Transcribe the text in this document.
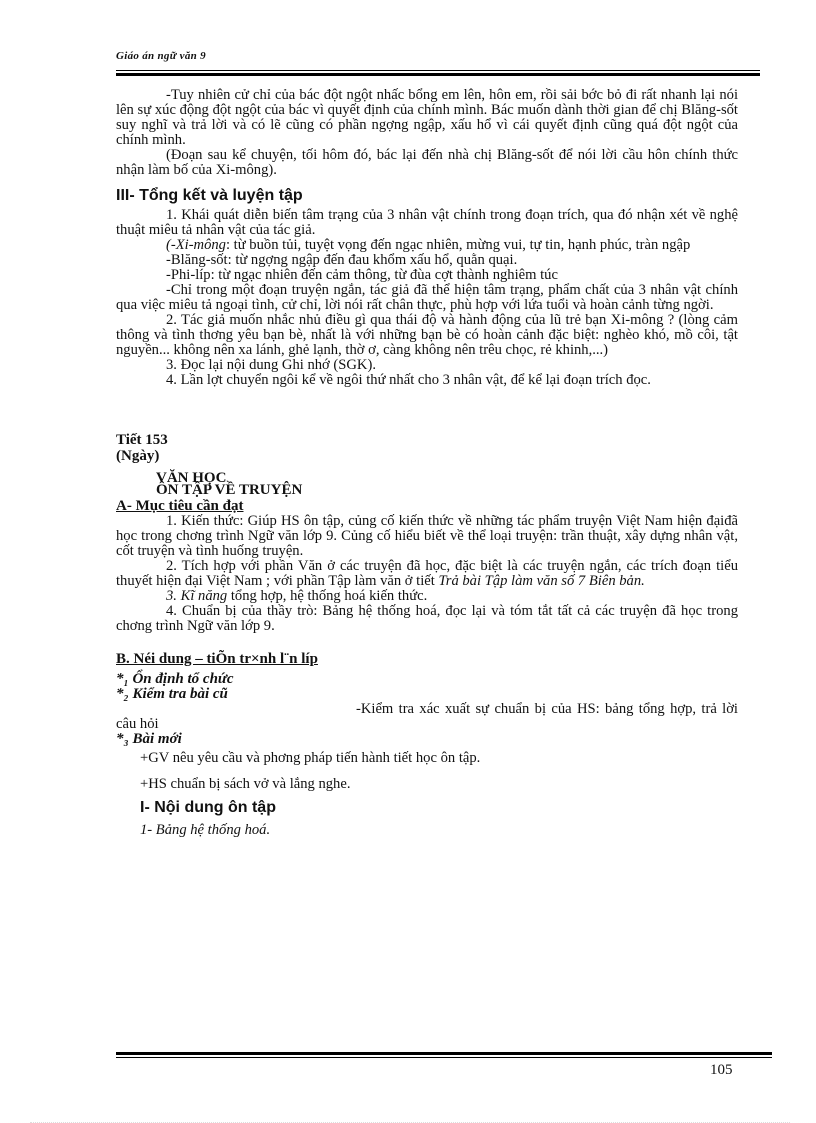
Giáo án ngữ văn 9

-Tuy nhiên cử chỉ của bác đột ngột nhấc bổng em lên, hôn em, rồi sải bớc bỏ đi rất nhanh lại nói lên sự xúc động đột ngột của bác vì quyết định của chính mình. Bác muốn dành thời gian để chị Blăng-sốt suy nghĩ và trả lời và có lẽ cũng có phần ngợng ngập, xấu hổ vì cái quyết định cũng quá đột ngột của chính mình.

(Đoạn sau kể chuyện, tối hôm đó, bác lại đến nhà chị Blăng-sốt để nói lời cầu hôn chính thức nhận làm bố của Xi-mông).

III- Tổng kết và luyện tập

1. Khái quát diễn biến tâm trạng của 3 nhân vật chính trong đoạn trích, qua đó nhận xét về nghệ thuật miêu tả nhân vật của tác giả.

(-Xi-mông: từ buồn tủi, tuyệt vọng đến ngạc nhiên, mừng vui, tự tin, hạnh phúc, tràn ngập

-Blăng-sốt: từ ngợng ngập đến đau khổm xấu hổ, quằn quại.

-Phi-líp: từ ngạc nhiên đến cảm thông, từ đùa cợt thành nghiêm túc

-Chỉ trong một đoạn truyện ngắn, tác giả đã thể hiện tâm trạng, phẩm chất của 3 nhân vật chính qua việc miêu tả ngoại tình, cử chỉ, lời nói rất chân thực, phù hợp với lứa tuổi và hoàn cảnh từng ngời.

2. Tác giả muốn nhắc nhủ điều gì qua thái độ và hành động của lũ trẻ bạn Xi-mông ? (lòng cảm thông và tình thơng yêu bạn bè, nhất là với những bạn bè có hoàn cảnh đặc biệt: nghèo khó, mồ côi, tật nguyền... không nên xa lánh, ghẻ lạnh, thờ ơ, càng không nên trêu chọc, rẻ khinh,...)

3. Đọc lại nội dung Ghi nhớ (SGK).

4. Lần lợt chuyển ngôi kể về ngôi thứ nhất cho 3 nhân vật, để kể lại đoạn trích đọc.

Tiết 153

(Ngày)

VĂN HỌC

ÔN TẬP VỀ TRUYỆN

A- Mục tiêu cần đạt

1. Kiến thức: Giúp HS ôn tập, củng cố kiến thức về những tác phẩm truyện Việt Nam hiện đạiđã học trong chơng trình Ngữ văn lớp 9. Củng cố hiểu biết về thể loại truyện: trần thuật, xây dựng nhân vật, cốt truyện và tình huống truyện.

2. Tích hợp với phần Văn ở các truyện đã học, đặc biệt là các truyện ngắn, các trích đoạn tiểu thuyết hiện đại Việt Nam ; với phần Tập làm văn ở tiết Trả bài Tập làm văn số 7 Biên bản.

3. Kĩ năng tổng hợp, hệ thống hoá kiến thức.

4. Chuẩn bị của thầy trò: Bảng hệ thống hoá, đọc lại và tóm tắt tất cả các truyện đã học trong chơng trình Ngữ văn lớp 9.

B. Néi dung – tiÕn tr×nh l¨n líp

*₁ Ổn định tổ chức

*₂ Kiểm tra bài cũ

-Kiểm tra xác xuất sự chuẩn bị của HS: bảng tổng hợp, trả lời câu hỏi

*₃ Bài mới

+GV nêu yêu cầu và phơng pháp tiến hành tiết học ôn tập.

+HS chuẩn bị sách vở và lắng nghe.

I- Nội dung ôn tập

1- Bảng hệ thống hoá.

105
